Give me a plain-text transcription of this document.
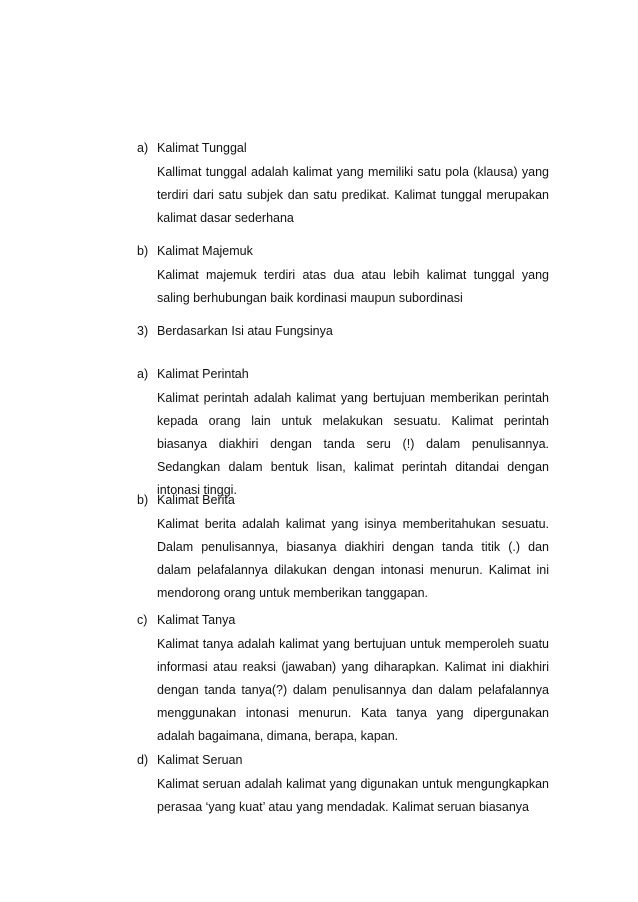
a) Kalimat Tunggal

Kallimat tunggal adalah kalimat yang memiliki satu pola (klausa) yang terdiri dari satu subjek dan satu predikat. Kalimat tunggal merupakan kalimat dasar sederhana

b) Kalimat Majemuk

Kalimat majemuk terdiri atas dua atau lebih kalimat tunggal yang saling berhubungan baik kordinasi maupun subordinasi

3) Berdasarkan Isi atau Fungsinya

a) Kalimat Perintah

Kalimat perintah adalah kalimat yang bertujuan memberikan perintah kepada orang lain untuk melakukan sesuatu. Kalimat perintah biasanya diakhiri dengan tanda seru (!) dalam penulisannya. Sedangkan dalam bentuk lisan, kalimat perintah ditandai dengan intonasi tinggi.

b) Kalimat Berita

Kalimat berita adalah kalimat yang isinya memberitahukan sesuatu. Dalam penulisannya, biasanya diakhiri dengan tanda titik (.) dan dalam pelafalannya dilakukan dengan intonasi menurun. Kalimat ini mendorong orang untuk memberikan tanggapan.

c) Kalimat Tanya

Kalimat tanya adalah kalimat yang bertujuan untuk memperoleh suatu informasi atau reaksi (jawaban) yang diharapkan. Kalimat ini diakhiri dengan tanda tanya(?) dalam penulisannya dan dalam pelafalannya menggunakan intonasi menurun. Kata tanya yang dipergunakan adalah bagaimana, dimana, berapa, kapan.

d) Kalimat Seruan

Kalimat seruan adalah kalimat yang digunakan untuk mengungkapkan perasaa ‘yang kuat’ atau yang mendadak. Kalimat seruan biasanya
